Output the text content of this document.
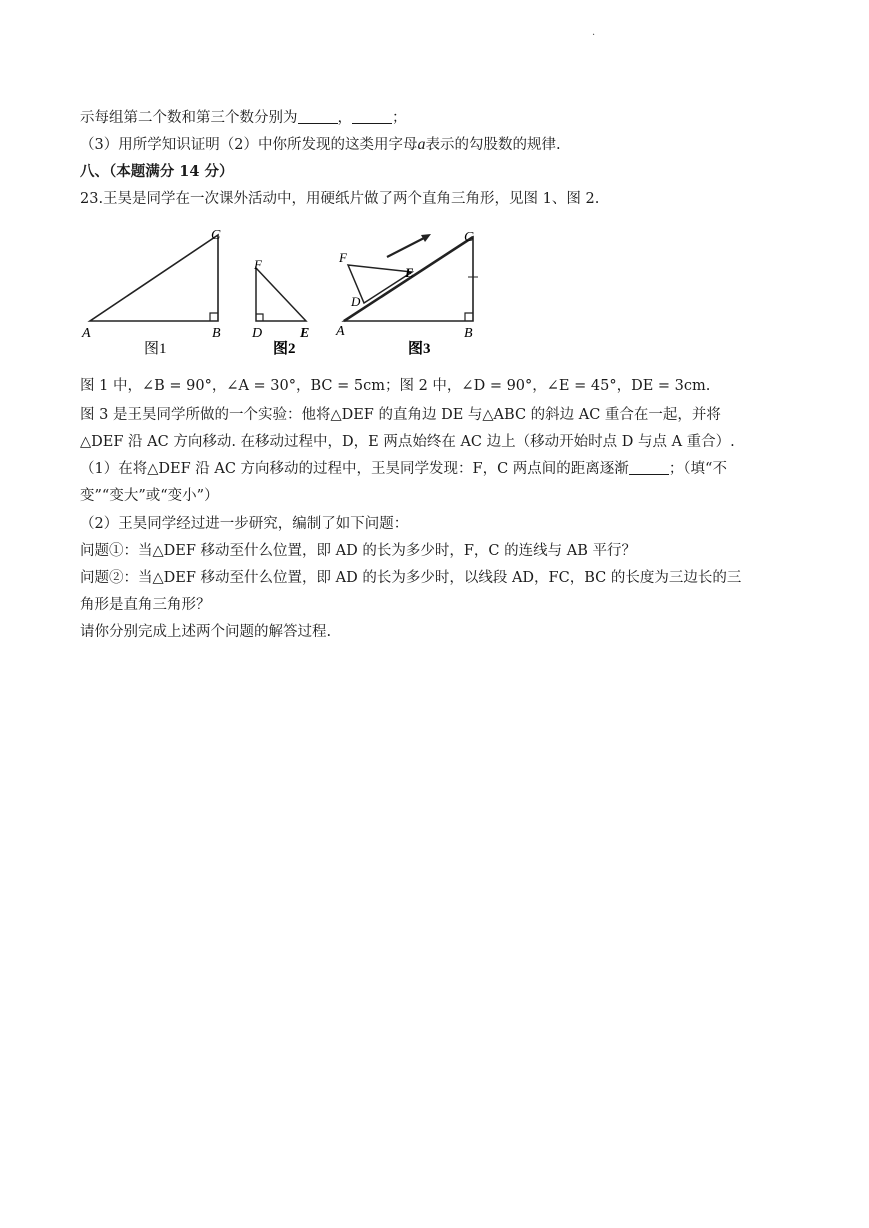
·
示每组第二个数和第三个数分别为	，	；
（3）用所学知识证明（2）中你所发现的这类用字母a表示的勾股数的规律.
八、（本题满分 14 分）
23.王昊是同学在一次课外活动中，用硬纸片做了两个直角三角形，见图 1、图 2.
A	B
C
图1
F
D	E
图2
A	B
C
F
D
E
图3
图 1 中，∠B = 90°，∠A = 30°，BC = 5cm；图 2 中，∠D = 90°，∠E = 45°，DE = 3cm.
图 3 是王昊同学所做的一个实验：他将△DEF 的直角边 DE 与△ABC 的斜边 AC 重合在一起，并将
△DEF 沿 AC 方向移动. 在移动过程中，D，E 两点始终在 AC 边上（移动开始时点 D 与点 A 重合）.
（1）在将△DEF 沿 AC 方向移动的过程中，王昊同学发现：F，C 两点间的距离逐渐	；（填“不
变”“变大”或“变小”）
（2）王昊同学经过进一步研究，编制了如下问题：
问题①：当△DEF 移动至什么位置，即 AD 的长为多少时，F，C 的连线与 AB 平行？
问题②：当△DEF 移动至什么位置，即 AD 的长为多少时，以线段 AD，FC，BC 的长度为三边长的三
角形是直角三角形？
请你分别完成上述两个问题的解答过程.
